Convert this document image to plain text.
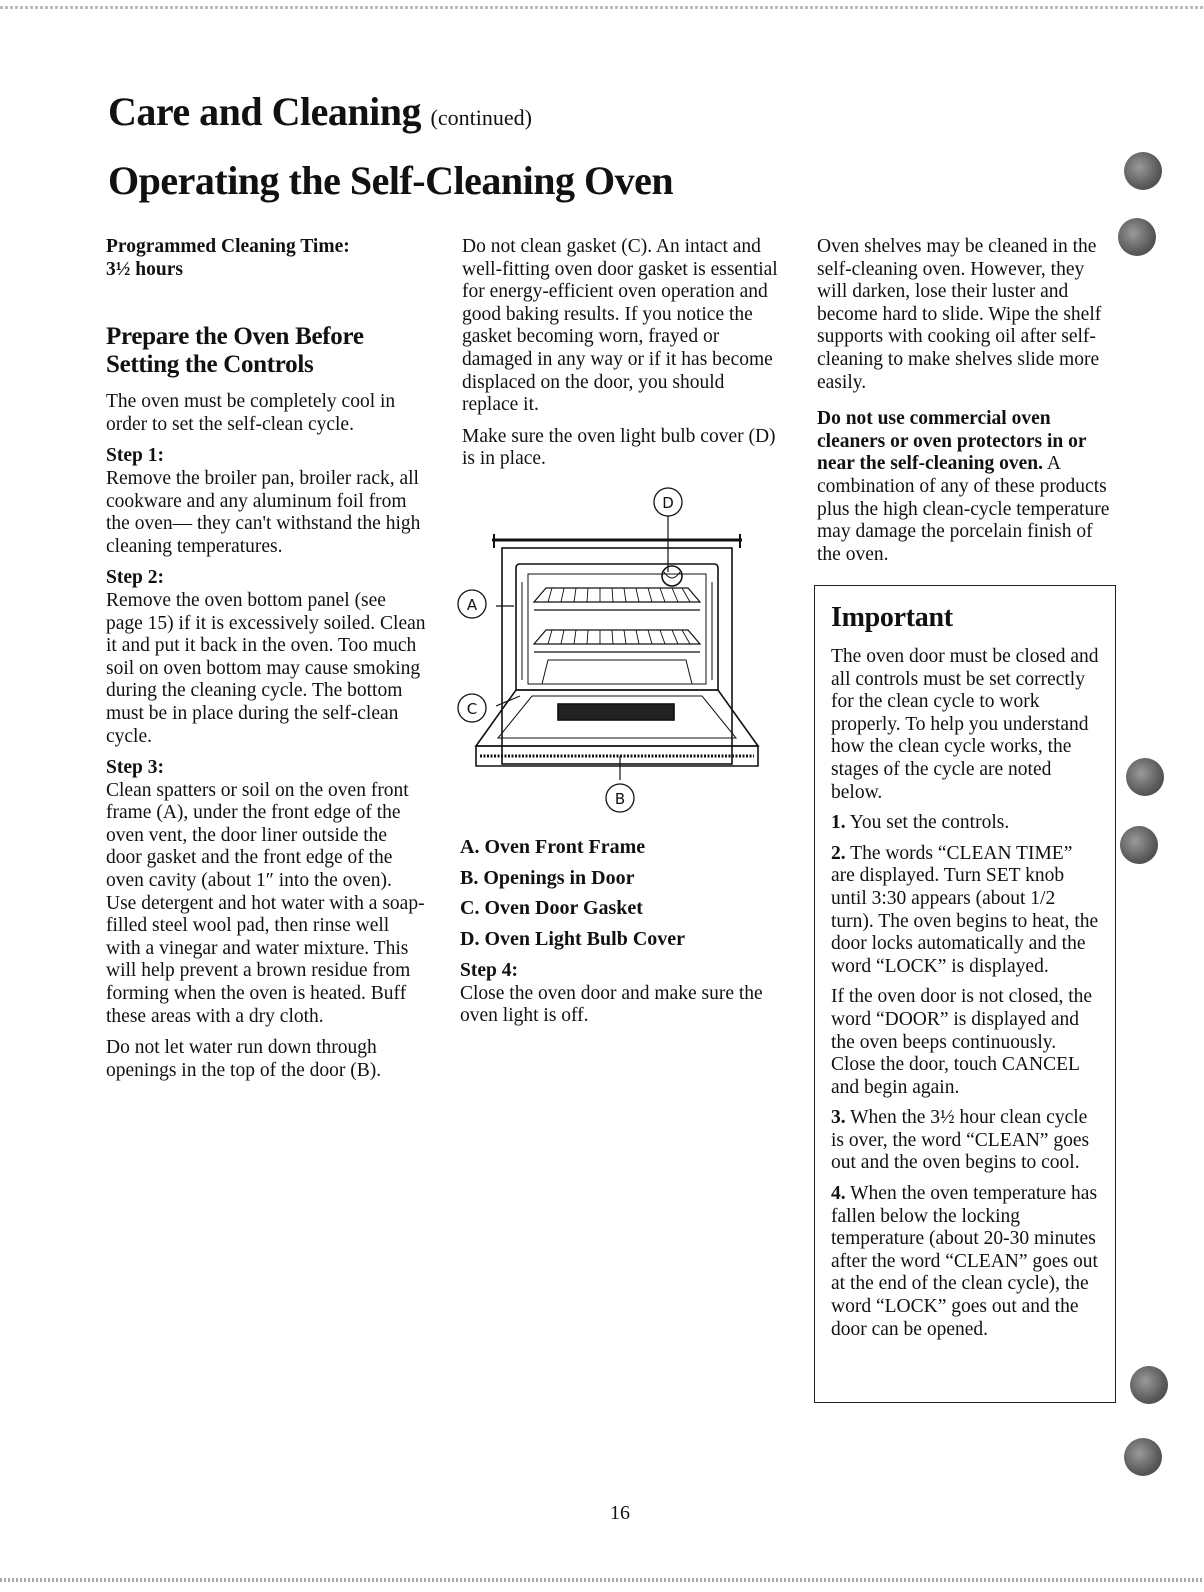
Care and Cleaning (continued)
Operating the Self-Cleaning Oven

Programmed Cleaning Time:
3½ hours

Prepare the Oven Before
Setting the Controls

The oven must be completely cool in order to set the self-clean cycle.

Step 1:
Remove the broiler pan, broiler rack, all cookware and any aluminum foil from the oven— they can't withstand the high cleaning temperatures.

Step 2:
Remove the oven bottom panel (see page 15) if it is excessively soiled. Clean it and put it back in the oven. Too much soil on oven bottom may cause smoking during the cleaning cycle. The bottom must be in place during the self-clean cycle.

Step 3:
Clean spatters or soil on the oven front frame (A), under the front edge of the oven vent, the door liner outside the door gasket and the front edge of the oven cavity (about 1″ into the oven). Use detergent and hot water with a soap-filled steel wool pad, then rinse well with a vinegar and water mixture. This will help prevent a brown residue from forming when the oven is heated. Buff these areas with a dry cloth.

Do not let water run down through openings in the top of the door (B).

Do not clean gasket (C). An intact and well-fitting oven door gasket is essential for energy-efficient oven operation and good baking results. If you notice the gasket becoming worn, frayed or damaged in any way or if it has become displaced on the door, you should replace it.

Make sure the oven light bulb cover (D) is in place.

D
A
C
B
A. Oven Front Frame
B. Openings in Door
C. Oven Door Gasket
D. Oven Light Bulb Cover

Step 4:
Close the oven door and make sure the oven light is off.

Oven shelves may be cleaned in the self-cleaning oven. However, they will darken, lose their luster and become hard to slide. Wipe the shelf supports with cooking oil after self-cleaning to make shelves slide more easily.

Do not use commercial oven cleaners or oven protectors in or near the self-cleaning oven. A combination of any of these products plus the high clean-cycle temperature may damage the porcelain finish of the oven.

Important

The oven door must be closed and all controls must be set correctly for the clean cycle to work properly. To help you understand how the clean cycle works, the stages of the cycle are noted below.

1. You set the controls.

2. The words “CLEAN TIME” are displayed. Turn SET knob until 3:30 appears (about 1/2 turn). The oven begins to heat, the door locks automatically and the word “LOCK” is displayed.

If the oven door is not closed, the word “DOOR” is displayed and the oven beeps continuously. Close the door, touch CANCEL and begin again.

3. When the 3½ hour clean cycle is over, the word “CLEAN” goes out and the oven begins to cool.

4. When the oven temperature has fallen below the locking temperature (about 20-30 minutes after the word “CLEAN” goes out at the end of the clean cycle), the word “LOCK” goes out and the door can be opened.

16
